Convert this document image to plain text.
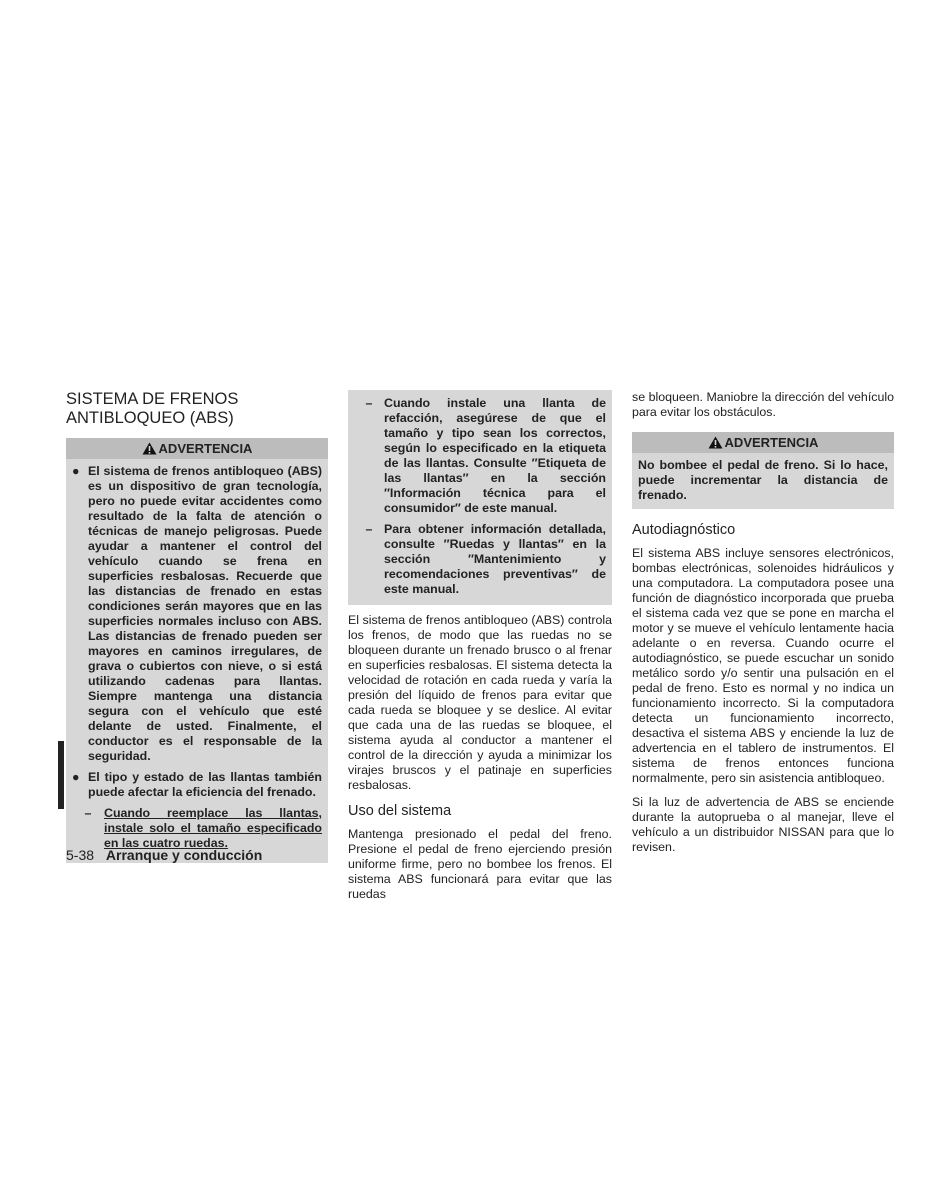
SISTEMA DE FRENOS
ANTIBLOQUEO (ABS)
ADVERTENCIA
● El sistema de frenos antibloqueo (ABS) es un dispositivo de gran tecnología, pero no puede evitar accidentes como resultado de la falta de atención o técnicas de manejo peligrosas. Puede ayudar a mantener el control del vehículo cuando se frena en superficies resbalosas. Recuerde que las distancias de frenado en estas condiciones serán mayores que en las superficies normales incluso con ABS. Las distancias de frenado pueden ser mayores en caminos irregulares, de grava o cubiertos con nieve, o si está utilizando cadenas para llantas. Siempre mantenga una distancia segura con el vehículo que esté delante de usted. Finalmente, el conductor es el responsable de la seguridad.
● El tipo y estado de las llantas también puede afectar la eficiencia del frenado.
–	Cuando reemplace las llantas, instale solo el tamaño especificado en las cuatro ruedas.
– Cuando instale una llanta de refacción, asegúrese de que el tamaño y tipo sean los correctos, según lo especificado en la etiqueta de las llantas. Consulte ″Etiqueta de las llantas″ en la sección ″Información técnica para el consumidor″ de este manual.
– Para obtener información detallada, consulte ″Ruedas y llantas″ en la sección ″Mantenimiento y recomendaciones preventivas″ de este manual.

El sistema de frenos antibloqueo (ABS) controla los frenos, de modo que las ruedas no se bloqueen durante un frenado brusco o al frenar en superficies resbalosas. El sistema detecta la velocidad de rotación en cada rueda y varía la presión del líquido de frenos para evitar que cada rueda se bloquee y se deslice. Al evitar que cada una de las ruedas se bloquee, el sistema ayuda al conductor a mantener el control de la dirección y ayuda a minimizar los virajes bruscos y el patinaje en superficies resbalosas.

Uso del sistema

Mantenga presionado el pedal del freno. Presione el pedal de freno ejerciendo presión uniforme firme, pero no bombee los frenos. El sistema ABS funcionará para evitar que las ruedas

se bloqueen. Maniobre la dirección del vehículo para evitar los obstáculos.

ADVERTENCIA
No bombee el pedal de freno. Si lo hace, puede incrementar la distancia de frenado.
Autodiagnóstico

El sistema ABS incluye sensores electrónicos, bombas electrónicas, solenoides hidráulicos y una computadora. La computadora posee una función de diagnóstico incorporada que prueba el sistema cada vez que se pone en marcha el motor y se mueve el vehículo lentamente hacia adelante o en reversa. Cuando ocurre el autodiagnóstico, se puede escuchar un sonido metálico sordo y/o sentir una pulsación en el pedal de freno. Esto es normal y no indica un funcionamiento incorrecto. Si la computadora detecta un funcionamiento incorrecto, desactiva el sistema ABS y enciende la luz de advertencia en el tablero de instrumentos. El sistema de frenos entonces funciona normalmente, pero sin asistencia antibloqueo.

Si la luz de advertencia de ABS se enciende durante la autoprueba o al manejar, lleve el vehículo a un distribuidor NISSAN para que lo revisen.

5-38 Arranque y conducción
